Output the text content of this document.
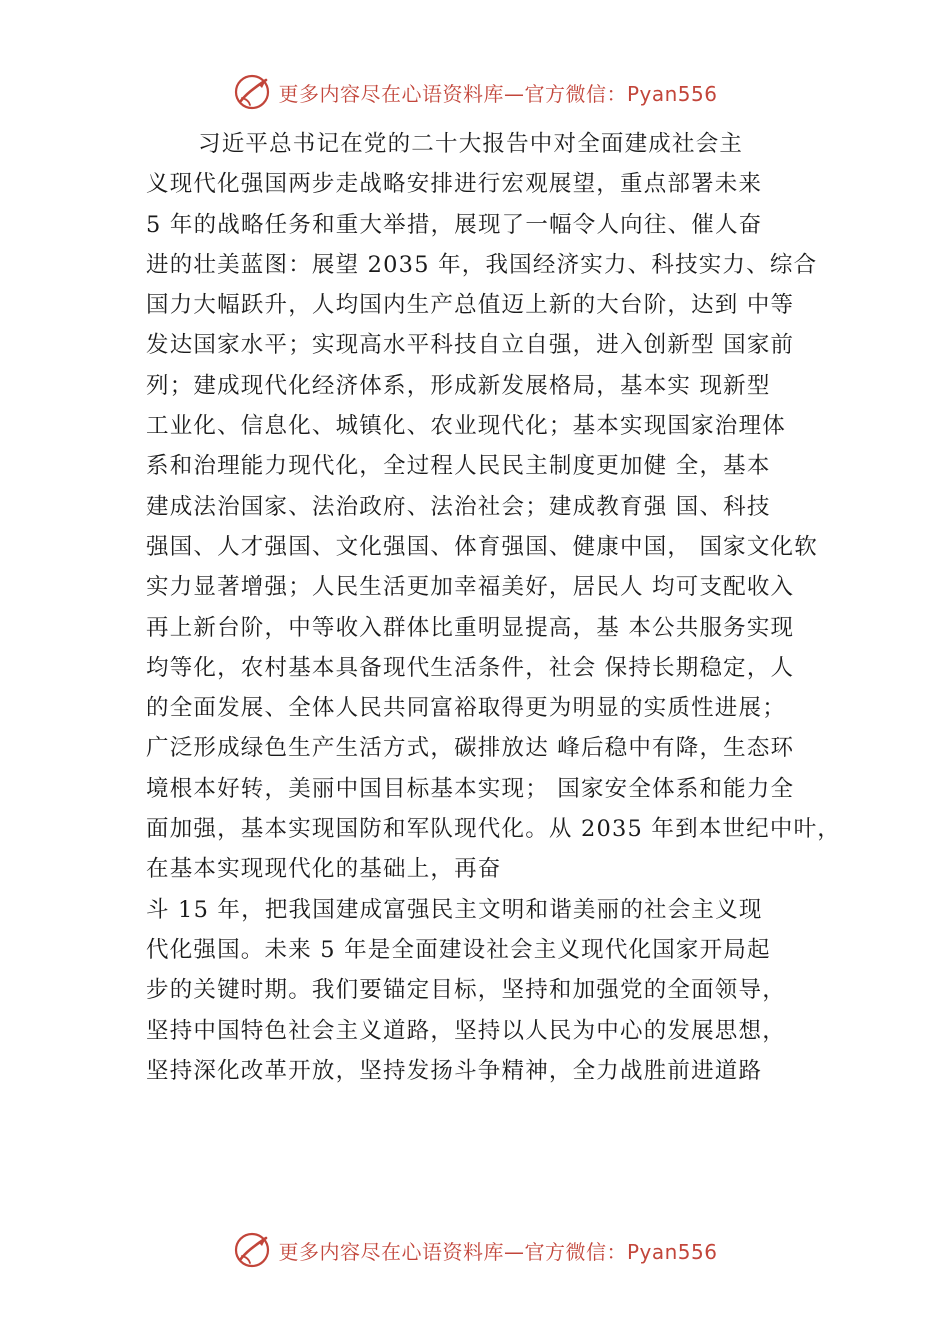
更多内容尽在心语资料库—官方微信：Pyan556
习近平总书记在党的二十大报告中对全面建成社会主
义现代化强国两步走战略安排进行宏观展望，重点部署未来
5 年的战略任务和重大举措，展现了一幅令人向往、催人奋
进的壮美蓝图：展望 2035 年，我国经济实力、科技实力、综合
国力大幅跃升，人均国内生产总值迈上新的大台阶，达到 中等
发达国家水平；实现高水平科技自立自强，进入创新型 国家前
列；建成现代化经济体系，形成新发展格局，基本实 现新型
工业化、信息化、城镇化、农业现代化；基本实现国家治理体
系和治理能力现代化，全过程人民民主制度更加健 全，基本
建成法治国家、法治政府、法治社会；建成教育强 国、科技
强国、人才强国、文化强国、体育强国、健康中国， 国家文化软
实力显著增强；人民生活更加幸福美好，居民人 均可支配收入
再上新台阶，中等收入群体比重明显提高，基 本公共服务实现
均等化，农村基本具备现代生活条件，社会 保持长期稳定，人
的全面发展、全体人民共同富裕取得更为明显的实质性进展；
广泛形成绿色生产生活方式，碳排放达 峰后稳中有降，生态环
境根本好转，美丽中国目标基本实现； 国家安全体系和能力全
面加强，基本实现国防和军队现代化。从 2035 年到本世纪中叶，
在基本实现现代化的基础上，再奋
斗 15 年，把我国建成富强民主文明和谐美丽的社会主义现
代化强国。未来 5 年是全面建设社会主义现代化国家开局起
步的关键时期。我们要锚定目标，坚持和加强党的全面领导，
坚持中国特色社会主义道路，坚持以人民为中心的发展思想，
坚持深化改革开放，坚持发扬斗争精神，全力战胜前进道路
更多内容尽在心语资料库—官方微信：Pyan556
